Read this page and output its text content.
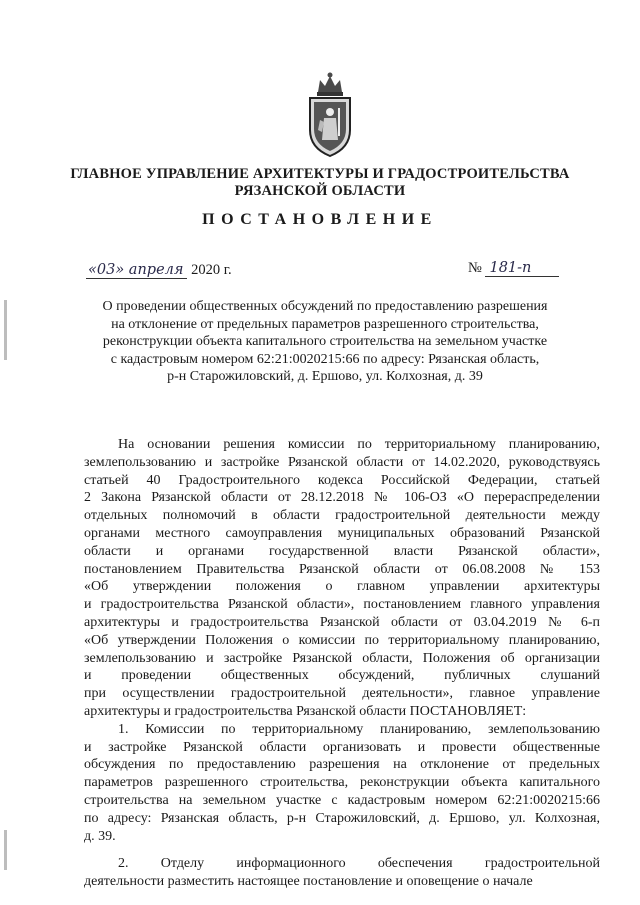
ГЛАВНОЕ УПРАВЛЕНИЕ АРХИТЕКТУРЫ И ГРАДОСТРОИТЕЛЬСТВА
РЯЗАНСКОЙ ОБЛАСТИ
ПОСТАНОВЛЕНИЕ
«03» апреля 2020 г.	№ 181-п
О проведении общественных обсуждений по предоставлению разрешения
на отклонение от предельных параметров разрешенного строительства,
реконструкции объекта капитального строительства на земельном участке
с кадастровым номером 62:21:0020215:66 по адресу: Рязанская область,
р-н Старожиловский, д. Ершово, ул. Колхозная, д. 39
На основании решения комиссии по территориальному планированию,
землепользованию и застройке Рязанской области от 14.02.2020, руководствуясь
статьей 40 Градостроительного кодекса Российской Федерации, статьей
2 Закона Рязанской области от 28.12.2018 № 106-ОЗ «О перераспределении
отдельных полномочий в области градостроительной деятельности между
органами местного самоуправления муниципальных образований Рязанской
области и органами государственной власти Рязанской области»,
постановлением Правительства Рязанской области от 06.08.2008 № 153
«Об утверждении положения о главном управлении архитектуры
и градостроительства Рязанской области», постановлением главного управления
архитектуры и градостроительства Рязанской области от 03.04.2019 № 6-п
«Об утверждении Положения о комиссии по территориальному планированию,
землепользованию и застройке Рязанской области, Положения об организации
и проведении общественных обсуждений, публичных слушаний
при осуществлении градостроительной деятельности», главное управление
архитектуры и градостроительства Рязанской области ПОСТАНОВЛЯЕТ:
1. Комиссии по территориальному планированию, землепользованию
и застройке Рязанской области организовать и провести общественные
обсуждения по предоставлению разрешения на отклонение от предельных
параметров разрешенного строительства, реконструкции объекта капитального
строительства на земельном участке с кадастровым номером 62:21:0020215:66
по адресу: Рязанская область, р-н Старожиловский, д. Ершово, ул. Колхозная,
д. 39.
2. Отделу информационного обеспечения градостроительной
деятельности разместить настоящее постановление и оповещение о начале
